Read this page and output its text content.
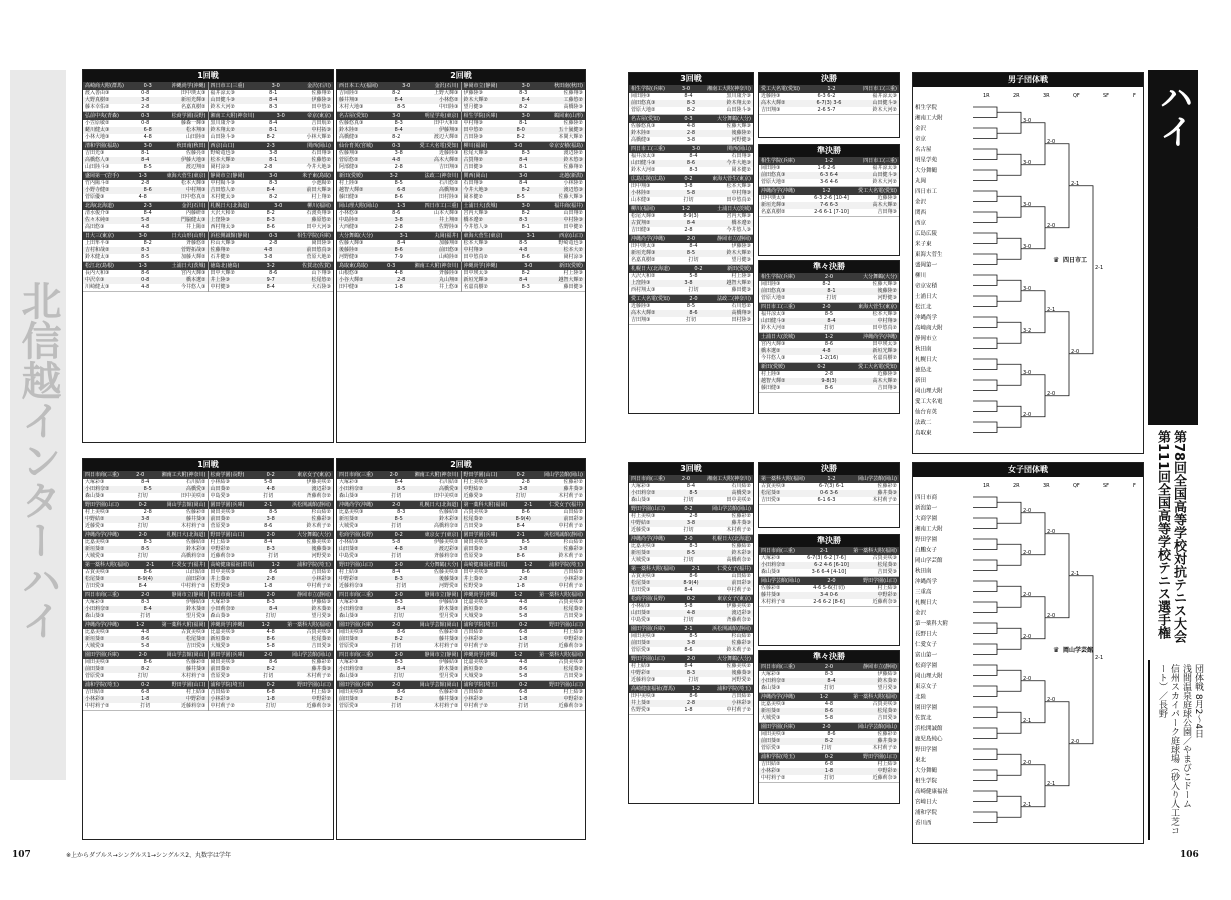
北信越インターハイ
1回戦
高崎商大附(群馬)	0-3	沖縄尚学(沖縄)
渡入善由③	0-8	田中瑛太③
大野真樹②	3-8	新垣光輝③
藤本幸佑②	2-8	名嘉真樹②
弘前中央(青森)	0-3	松商学園(長野)
小笠原敏②	0-8	藤森一輝③
蛯川健太③	6-8	松本翔③
小林大地③	4-8	山田陸②
清和学園(福島)	3-0	秋田南(秋田)
吉田光③	8-1	佐藤亮②
高橋悠人③	8-4	伊藤大地③
山田陸斗③	8-5	渡辺翔②
盛岡第一(岩手)	1-3	東海大菅生(東京)
竹内陽斗②	2-8	松本大輝③
小野寺健②	8-6	中村翔③
菅原優③	4-8	田中悠真②
北海(北海道)	2-3	金沢(石川)
清水俊介③	8-4	内藤研②
佐々木純②	5-8	門脇健太③
高田悠③	4-8	井上陽②
日大三(東京)	3-0	日大山形(山形)
上田隼平③	8-2	斉藤悠②
吉村和哉②	8-3	菅野拓哉③
鈴木健太③	8-5	加藤大輝②
松江北(島根)	1-3	土浦日大(茨城)
長内大和③	8-6	宮内大輝③
中沢幸③	0-8	橋本遼②
川崎健太③	4-8	今井悠人③
四日市工(三重)	3-0	金沢(石川)
福井涼太③	8-1	佐藤翔②
山田健斗③	8-4	伊藤陸③
鈴木大河②	8-3	田中悠②
湘南工大附(神奈川)	3-0	帝京(東京)
黒川康介③	8-4	吉田航②
鈴木翔太②	8-1	中村拓③
山田陸斗③	8-2	小林大輝②
西京(山口)	2-3	関西(岡山)
野崎竜也③	3-8	石田翔③
松本大輝②	8-1	佐藤悠②
岡村涼③	2-8	今井大地③
静岡市立(静岡)	3-0	米子東(鳥取)
中村陽斗③	8-3	小池陽②
吉田悠人②	8-4	前田大輝③
木村健太③	8-2	村上翔②
札幌日大(北海道)	3-0	柳川(福岡)
大沢大和②	8-2	石渡英翔③
上窪陸③	8-3	藤原悠②
西村翔太③	8-6	田中大河③
浜松開誠館(静岡)	0-3	相生学院(兵庫)
杉山大輝③	2-8	岡田陸③
佐藤翔②	4-8	前田悠真③
石井健②	3-8	菅原大地②
徳島北(徳島)	3-2	佐賀北(佐賀)
田中大輝②	8-6	山下翔③
井上陸③	9-7	松尾悠②
中村健③	8-4	大石陸③
2回戦
西日本工大(福岡)	3-0	金沢(石川)
吉岡陸①	8-2	上野大輝③
藤井翔③	8-4	小林悠②
木村大地③	8-5	中田陸③
名古屋(愛知)	3-0	明星学苑(東京)
佐藤悠真③	8-3	田中大和②
鈴木陸②	8-4	伊藤翔③
高橋健③	8-2	渡辺大輝②
仙台育英(宮城)	0-3	愛工大名電(愛知)
佐藤翔③	3-8	近藤陸③
菅原悠②	4-8	高木大輝②
阿部健③	2-8	吉田翔③
新田(愛媛)	3-2	法政二(神奈川)
村上陸③	8-5	石川悠②
越智大輝②	6-8	高橋翔③
藤田健③	8-6	田村陸③
岡山理大附(岡山)	1-3	四日市工(三重)
小林悠③	8-6	山本大輝③
中島陸②	3-8	井上翔②
大西健③	2-8	佐野陸③
大分舞鶴(大分)	3-1	丸岡(福井)
佐藤大輝③	8-4	加藤翔②
後藤陸②	8-6	前田悠③
河野健③	7-9	山崎陸②
鳥取東(鳥取)	0-3	湘南工大附(神奈川)
山根悠③	4-8	斉藤陸③
小谷大輝②	2-8	丸山翔②
田中健③	1-8	井上悠③
静岡市立(静岡)	3-0	秋田南(秋田)
伊藤陸③	8-3	佐藤翔③
鈴木大輝②	8-4	工藤悠②
望月健③	8-2	高橋陸③
相生学院(兵庫)	3-0	鶴岡東(山形)
中村翔③	8-1	佐藤陸②
田中悠②	8-0	五十嵐健③
吉田陸③	8-2	本間大輝②
柳川(福岡)	3-0	帝京安積(福島)
松尾大輝③	8-3	渡辺陸②
古賀翔②	8-4	鈴木悠③
吉田健③	8-1	佐藤翔②
関西(岡山)	3-0	北越(新潟)
石田翔③	8-4	小林陸②
今井大地③	8-2	渡辺悠③
岡本健②	8-5	佐藤大輝③
土浦日大(茨城)	3-0	福井商(福井)
宮内大輝③	8-2	山田翔②
橋本遼②	8-3	中村陸③
今井悠人③	8-1	田中健②
東海大菅生(東京)	3-1	西京(山口)
松本大輝③	8-5	野崎竜也③
中村翔③	4-8	松本大②
田中悠真②	8-6	岡村涼③
沖縄尚学(沖縄)	3-0	新田(愛媛)
田中瑛太③	8-2	村上陸③
新垣光輝③	8-4	越智大輝②
名嘉真樹②	8-3	藤田健③
1回戦
四日市商(三重)	2-0	湘南工大附(神奈川)
大塚彩③	8-4	石川結②
小田莉奈②	8-5	高橋愛③
森山葵③	打切	田中美咲②
野田学園(山口)	0-2	岡山学芸館(岡山)
村上美咲③	2-8	佐藤彩②
中野結②	3-8	藤井葵③
近藤愛③	打切	木村莉子②
沖縄尚学(沖縄)	2-0	札幌日大(北海道)
比嘉美咲③	8-3	佐藤結②
新垣葵②	8-5	鈴木彩③
大城愛③	打切	高橋莉奈②
第一薬科大附(福岡)	2-1	仁愛女子(福井)
古賀美咲③	8-6	山田結②
松尾葵②	8-9(4)	前田彩③
吉田愛③	8-4	中村莉子②
四日市商(三重)	2-0	静岡市立(静岡)
大塚彩③	8-3	伊藤結③
小田莉奈②	8-4	鈴木葵②
森山葵③	打切	望月愛③
沖縄尚学(沖縄)	1-2	第一薬科大附(福岡)
比嘉美咲③	4-8	古賀美咲③
新垣葵②	8-6	松尾葵②
大城愛③	5-8	吉田愛③
園田学園(兵庫)	2-0	岡山学芸館(岡山)
岡田美咲③	8-6	佐藤彩②
前田葵②	8-2	藤井葵③
菅原愛③	打切	木村莉子②
浦和学院(埼玉)	0-2	野田学園(山口)
吉田結②	6-8	村上結③
小林彩③	1-8	中野彩②
中村莉子②	打切	近藤莉奈③
松商学園(長野)	0-2	東京女子(東京)
小林結③	5-8	伊藤美咲②
山田葵②	4-8	渡辺彩③
中島愛③	打切	斉藤莉奈②
園田学園(兵庫)	2-1	浜松開誠館(静岡)
岡田美咲③	8-5	杉山結②
前田葵②	3-8	佐藤彩③
菅原愛③	8-6	鈴木莉子②
野田学園(山口)	2-0	大分舞鶴(大分)
村上結③	8-4	佐藤美咲②
中野彩②	8-3	後藤葵③
近藤莉奈③	打切	河野愛②
高崎健康福祉(群馬)	1-2	浦和学院(埼玉)
田中美咲③	8-6	吉田結②
井上葵②	2-8	小林彩③
佐野愛③	1-8	中村莉子②
四日市商(三重)	2-0	静岡市立(静岡)
大塚彩③	8-3	伊藤結③
小田莉奈②	8-4	鈴木葵②
森山葵③	打切	望月愛③
沖縄尚学(沖縄)	1-2	第一薬科大附(福岡)
比嘉美咲③	4-8	古賀美咲③
新垣葵②	8-6	松尾葵②
大城愛③	5-8	吉田愛③
園田学園(兵庫)	2-0	岡山学芸館(岡山)
岡田美咲③	8-6	佐藤彩②
前田葵②	8-2	藤井葵③
菅原愛③	打切	木村莉子②
浦和学院(埼玉)	0-2	野田学園(山口)
吉田結②	6-8	村上結③
小林彩③	1-8	中野彩②
中村莉子②	打切	近藤莉奈③
2回戦
四日市商(三重)	2-0	湘南工大附(神奈川)
大塚彩③	8-4	石川結②
小田莉奈②	8-5	高橋愛③
森山葵③	打切	田中美咲②
沖縄尚学(沖縄)	2-0	札幌日大(北海道)
比嘉美咲③	8-3	佐藤結②
新垣葵②	8-5	鈴木彩③
大城愛③	打切	高橋莉奈②
松商学園(長野)	0-2	東京女子(東京)
小林結③	5-8	伊藤美咲②
山田葵②	4-8	渡辺彩③
中島愛③	打切	斉藤莉奈②
野田学園(山口)	2-0	大分舞鶴(大分)
村上結③	8-4	佐藤美咲②
中野彩②	8-3	後藤葵③
近藤莉奈③	打切	河野愛②
四日市商(三重)	2-0	静岡市立(静岡)
大塚彩③	8-3	伊藤結③
小田莉奈②	8-4	鈴木葵②
森山葵③	打切	望月愛③
園田学園(兵庫)	2-0	岡山学芸館(岡山)
岡田美咲③	8-6	佐藤彩②
前田葵②	8-2	藤井葵③
菅原愛③	打切	木村莉子②
四日市商(三重)	2-0	静岡市立(静岡)
大塚彩③	8-3	伊藤結③
小田莉奈②	8-4	鈴木葵②
森山葵③	打切	望月愛③
園田学園(兵庫)	2-0	岡山学芸館(岡山)
岡田美咲③	8-6	佐藤彩②
前田葵②	8-2	藤井葵③
菅原愛③	打切	木村莉子②
野田学園(山口)	0-2	岡山学芸館(岡山)
村上美咲③	2-8	佐藤彩②
中野結②	3-8	藤井葵③
近藤愛③	打切	木村莉子②
第一薬科大附(福岡)	2-1	仁愛女子(福井)
古賀美咲③	8-6	山田結②
松尾葵②	8-9(4)	前田彩③
吉田愛③	8-4	中村莉子②
園田学園(兵庫)	2-1	浜松開誠館(静岡)
岡田美咲③	8-5	杉山結②
前田葵②	3-8	佐藤彩③
菅原愛③	8-6	鈴木莉子②
高崎健康福祉(群馬)	1-2	浦和学院(埼玉)
田中美咲③	8-6	吉田結②
井上葵②	2-8	小林彩③
佐野愛③	1-8	中村莉子②
沖縄尚学(沖縄)	1-2	第一薬科大附(福岡)
比嘉美咲③	4-8	古賀美咲③
新垣葵②	8-6	松尾葵②
大城愛③	5-8	吉田愛③
浦和学院(埼玉)	0-2	野田学園(山口)
吉田結②	6-8	村上結③
小林彩③	1-8	中野彩②
中村莉子②	打切	近藤莉奈③
沖縄尚学(沖縄)	1-2	第一薬科大附(福岡)
比嘉美咲③	4-8	古賀美咲③
新垣葵②	8-6	松尾葵②
大城愛③	5-8	吉田愛③
浦和学院(埼玉)	0-2	野田学園(山口)
吉田結②	6-8	村上結③
小林彩③	1-8	中野彩②
中村莉子②	打切	近藤莉奈③
3回戦
相生学院(兵庫)	3-0	湘南工大附(神奈川)
岡田陸③	8-4	黒川康介③
前田悠真③	8-3	鈴木翔太②
菅原大地②	8-2	山田陸斗③
名古屋(愛知)	0-3	大分舞鶴(大分)
佐藤悠真③	4-8	佐藤大輝③
鈴木陸②	2-8	後藤陸②
高橋健③	3-8	河野健③
四日市工(三重)	3-0	関西(岡山)
福井涼太③	8-4	石田翔③
山田健斗③	8-6	今井大地③
鈴木大河②	8-3	岡本健②
広島広陵(広島)	0-2	東海大菅生(東京)
田中翔③	3-8	松本大輝③
小林陸②	5-8	中村翔③
山本健③	打切	田中悠真②
柳川(福岡)	1-2	土浦日大(茨城)
松尾大輝③	8-9(3)	宮内大輝③
古賀翔②	8-4	橋本遼②
吉田健③	2-8	今井悠人③
沖縄尚学(沖縄)	2-0	静岡市立(静岡)
田中瑛太③	8-4	伊藤陸③
新垣光輝③	8-5	鈴木大輝②
名嘉真樹②	打切	望月健③
札幌日大(北海道)	0-2	新田(愛媛)
大沢大和②	5-8	村上陸③
上窪陸③	3-8	越智大輝②
西村翔太③	打切	藤田健③
愛工大名電(愛知)	2-0	法政二(神奈川)
近藤陸③	8-5	石川悠②
高木大輝②	8-6	高橋翔③
吉田翔③	打切	田村陸③
決勝
愛工大名電(愛知)	1-2	四日市工(三重)
近藤陸③	6-3 6-2	福井涼太③
高木大輝②	6-7(3) 3-6	山田健斗③
吉田翔③	2-6 5-7	鈴木大河②
準決勝
相生学院(兵庫)	1-2	四日市工(三重)
岡田陸③	1-6 2-6	福井涼太③
前田悠真③	6-3 6-4	山田健斗③
菅原大地②	3-6 4-6	鈴木大河②
沖縄尚学(沖縄)	1-2	愛工大名電(愛知)
田中瑛太③	6-3 2-6 [10-4]	近藤陸③
新垣光輝③	7-6 6-3	高木大輝②
名嘉真樹②	2-6 6-1 [7-10]	吉田翔③
準々決勝
相生学院(兵庫)	2-0	大分舞鶴(大分)
岡田陸③	8-2	佐藤大輝③
前田悠真③	8-1	後藤陸②
菅原大地②	打切	河野健③
四日市工(三重)	2-0	東海大菅生(東京)
福井涼太③	8-5	松本大輝③
山田健斗③	8-4	中村翔③
鈴木大河②	打切	田中悠真②
土浦日大(茨城)	1-2	沖縄尚学(沖縄)
宮内大輝③	8-6	田中瑛太③
橋本遼②	4-8	新垣光輝③
今井悠人③	1-2(16)	名嘉真樹②
新田(愛媛)	0-2	愛工大名電(愛知)
村上陸③	2-8	近藤陸③
越智大輝②	9-8(3)	高木大輝②
藤田健③	8-6	吉田翔③
3回戦
四日市商(三重)	2-0	湘南工大附(神奈川)
大塚彩③	8-4	石川結②
小田莉奈②	8-5	高橋愛③
森山葵③	打切	田中美咲②
野田学園(山口)	0-2	岡山学芸館(岡山)
村上美咲③	2-8	佐藤彩②
中野結②	3-8	藤井葵③
近藤愛③	打切	木村莉子②
沖縄尚学(沖縄)	2-0	札幌日大(北海道)
比嘉美咲③	8-3	佐藤結②
新垣葵②	8-5	鈴木彩③
大城愛③	打切	高橋莉奈②
第一薬科大附(福岡)	2-1	仁愛女子(福井)
古賀美咲③	8-6	山田結②
松尾葵②	8-9(4)	前田彩③
吉田愛③	8-4	中村莉子②
松商学園(長野)	0-2	東京女子(東京)
小林結③	5-8	伊藤美咲②
山田葵②	4-8	渡辺彩③
中島愛③	打切	斉藤莉奈②
園田学園(兵庫)	2-1	浜松開誠館(静岡)
岡田美咲③	8-5	杉山結②
前田葵②	3-8	佐藤彩③
菅原愛③	8-6	鈴木莉子②
野田学園(山口)	2-0	大分舞鶴(大分)
村上結③	8-4	佐藤美咲②
中野彩②	8-3	後藤葵③
近藤莉奈③	打切	河野愛②
高崎健康福祉(群馬)	1-2	浦和学院(埼玉)
田中美咲③	8-6	吉田結②
井上葵②	2-8	小林彩③
佐野愛③	1-8	中村莉子②
決勝
第一薬科大附(福岡)	1-2	岡山学芸館(岡山)
古賀美咲③	6-7(3) 6-1	佐藤彩②
松尾葵②	0-6 3-6	藤井葵③
吉田愛③	6-1 6-3	木村莉子②
準決勝
四日市商(三重)	2-1	第一薬科大附(福岡)
大塚彩③	6-7(3) 6-2 [7-6]	古賀美咲③
小田莉奈②	6-2 4-6 [6-10]	松尾葵②
森山葵③	3-6 6-4 [4-10]	吉田愛③
岡山学芸館(岡山)	2-0	野田学園(山口)
佐藤彩②	4-6 5-6(打切)	村上結③
藤井葵③	3-4 0-6	中野彩②
木村莉子②	2-6 6-2 [8-6]	近藤莉奈③
準々決勝
四日市商(三重)	2-0	静岡市立(静岡)
大塚彩③	8-3	伊藤結③
小田莉奈②	8-4	鈴木葵②
森山葵③	打切	望月愛③
沖縄尚学(沖縄)	1-2	第一薬科大附(福岡)
比嘉美咲③	4-8	古賀美咲③
新垣葵②	8-6	松尾葵②
大城愛③	5-8	吉田愛③
園田学園(兵庫)	2-0	岡山学芸館(岡山)
岡田美咲③	8-6	佐藤彩②
前田葵②	8-2	藤井葵③
菅原愛③	打切	木村莉子②
浦和学院(埼玉)	0-2	野田学園(山口)
吉田結②	6-8	村上結③
小林彩③	1-8	中野彩②
中村莉子②	打切	近藤莉奈③
男子団体戦
1R	2R	3R	QF	SF	F
相生学院
湘南工大附
金沢
帝京
名古屋
明星学苑
大分舞鶴
丸岡
四日市工
金沢
関西
西京
広島広陵
米子東
東海大菅生
盛岡第一
柳川
帝京安積
土浦日大
松江北
沖縄尚学
高崎商大附
静岡市立
秋田南
札幌日大
徳島北
新田
岡山理大附
愛工大名電
仙台育英
法政二
鳥取東
3-0
3-0
3-0
3-0
3-0
3-2
3-0
2-0
2-0
2-0
2-1
2-0
2-1
2-0
2-1
四日市工
♛
女子団体戦
1R	2R	3R	QF	SF	F
四日市商
新潟第一
大商学園
湘南工大附
野田学園
白鵬女子
岡山学芸館
秋田南
沖縄尚学
三重高
札幌日大
金沢
第一薬科大附
長野日大
仁愛女子
富山第一
松商学園
岡山理大附
東京女子
北陸
園田学園
佐賀北
浜松開誠館
鹿児島純心
野田学園
東北
大分舞鶴
相生学院
高崎健康福祉
宮崎日大
浦和学院
香川西
2-0
2-0
2-0
2-0
2-0
2-1
2-0
2-1
2-0
2-0
2-0
2-1
2-1
2-0
2-1
岡山学芸館
♛
2021北信越インターハイ
第78回全国高等学校対抗テニス大会
第111回全国高等学校テニス選手権
団体戦 8月2〜4日
浅間温泉庭球公園／やまびこドーム
信州スカイパーク庭球場（砂入り人工芝コート）／長野
107	106
※上からダブルス→シングルス1→シングルス2、丸数字は学年
